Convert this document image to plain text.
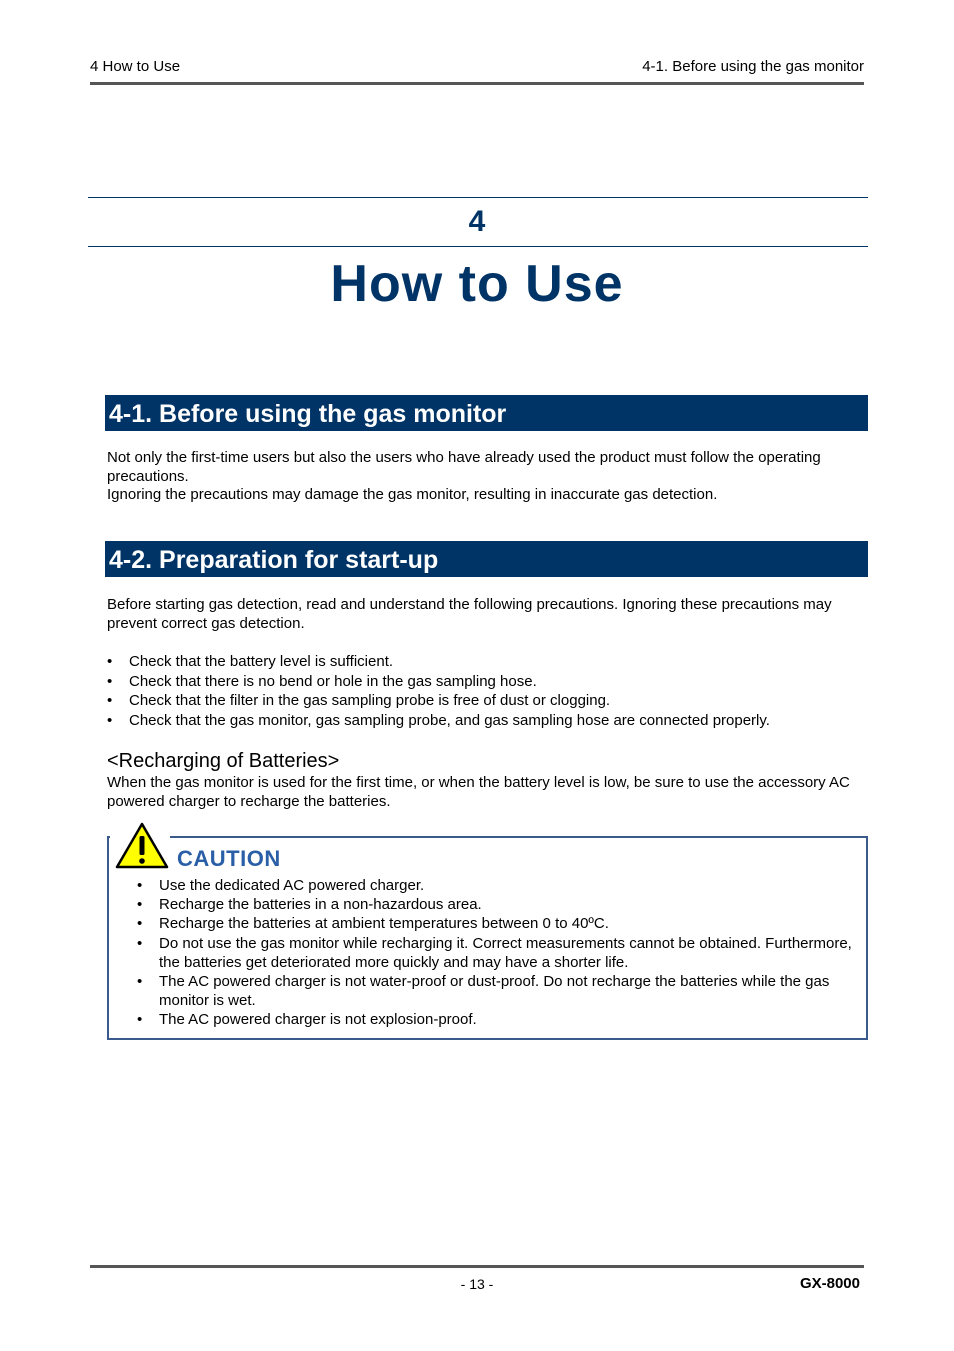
4 How to Use	4-1. Before using the gas monitor
4
How to Use
4-1. Before using the gas monitor
Not only the first-time users but also the users who have already used the product must follow the operating precautions.
Ignoring the precautions may damage the gas monitor, resulting in inaccurate gas detection.
4-2. Preparation for start-up
Before starting gas detection, read and understand the following precautions. Ignoring these precautions may prevent correct gas detection.
• Check that the battery level is sufficient.
• Check that there is no bend or hole in the gas sampling hose.
• Check that the filter in the gas sampling probe is free of dust or clogging.
• Check that the gas monitor, gas sampling probe, and gas sampling hose are connected properly.
<Recharging of Batteries>
When the gas monitor is used for the first time, or when the battery level is low, be sure to use the accessory AC powered charger to recharge the batteries.
CAUTION
• Use the dedicated AC powered charger.
• Recharge the batteries in a non-hazardous area.
• Recharge the batteries at ambient temperatures between 0 to 40ºC.
• Do not use the gas monitor while recharging it. Correct measurements cannot be obtained. Furthermore, the batteries get deteriorated more quickly and may have a shorter life.
• The AC powered charger is not water-proof or dust-proof. Do not recharge the batteries while the gas monitor is wet.
• The AC powered charger is not explosion-proof.
- 13 -	GX-8000
